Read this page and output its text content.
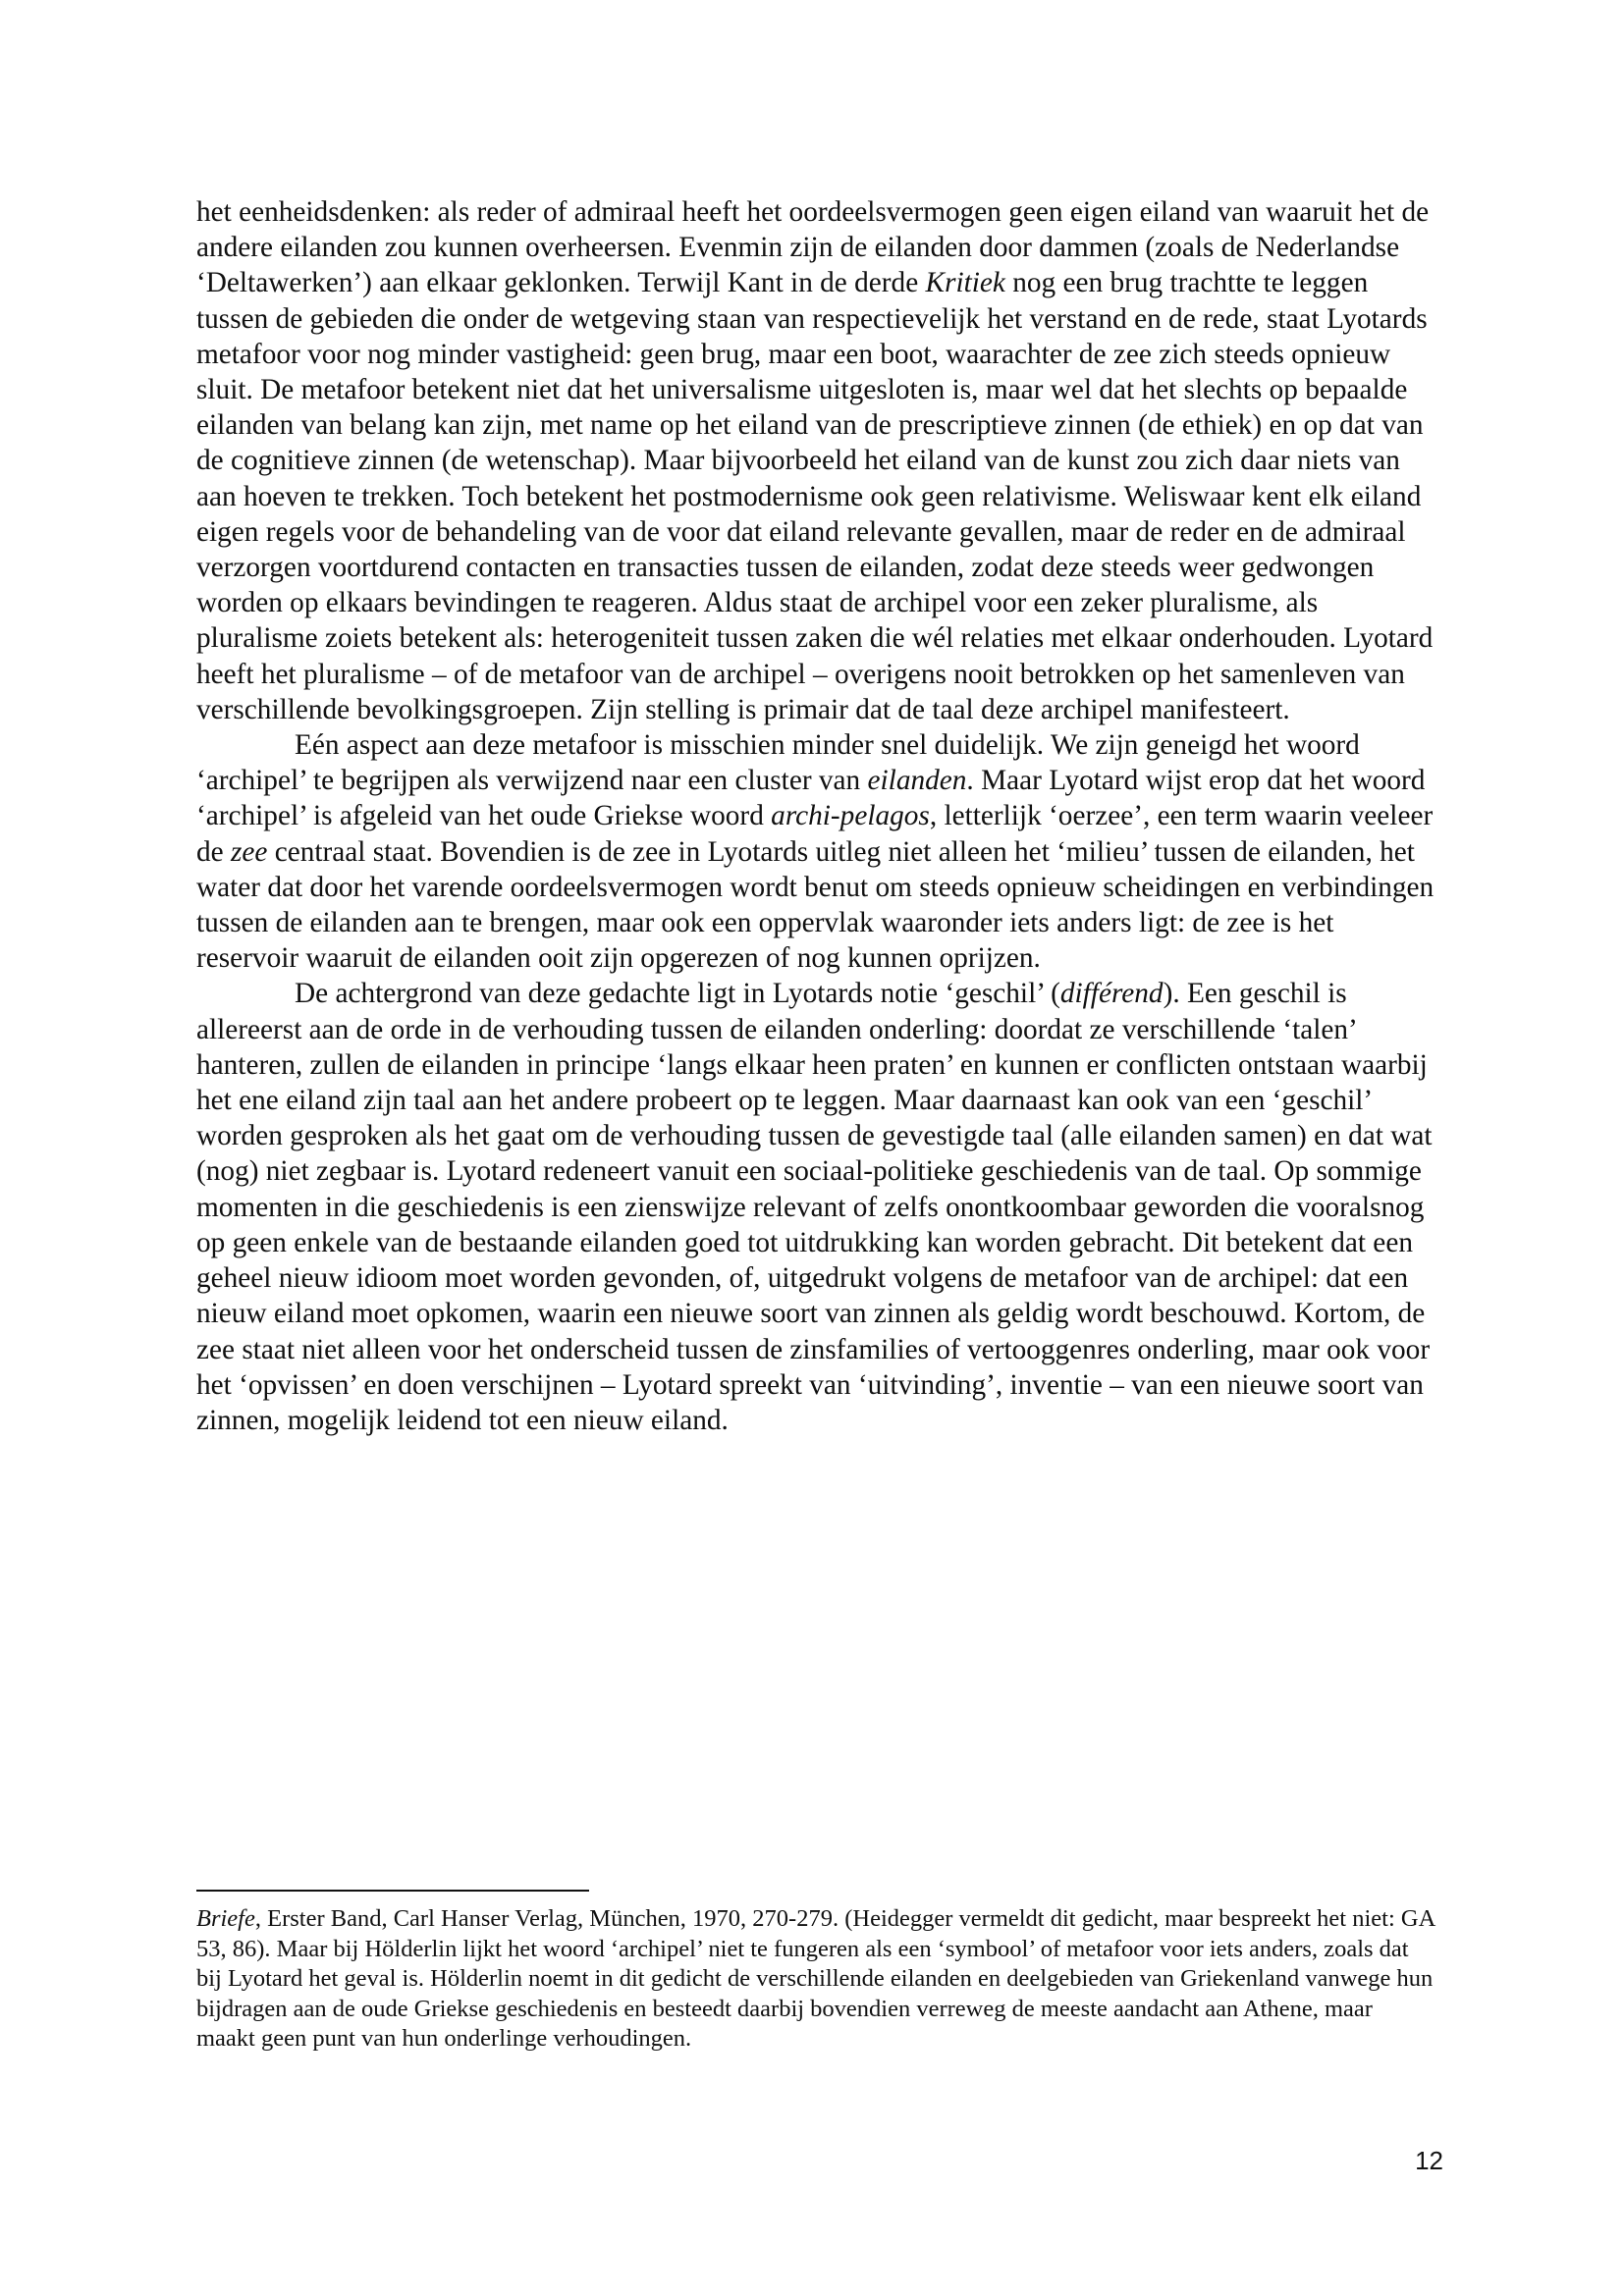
het eenheidsdenken: als reder of admiraal heeft het oordeelsvermogen geen eigen eiland van waaruit het de andere eilanden zou kunnen overheersen. Evenmin zijn de eilanden door dammen (zoals de Nederlandse ‘Deltawerken’) aan elkaar geklonken. Terwijl Kant in de derde Kritiek nog een brug trachtte te leggen tussen de gebieden die onder de wetgeving staan van respectievelijk het verstand en de rede, staat Lyotards metafoor voor nog minder vastigheid: geen brug, maar een boot, waarachter de zee zich steeds opnieuw sluit. De metafoor betekent niet dat het universalisme uitgesloten is, maar wel dat het slechts op bepaalde eilanden van belang kan zijn, met name op het eiland van de prescriptieve zinnen (de ethiek) en op dat van de cognitieve zinnen (de wetenschap). Maar bijvoorbeeld het eiland van de kunst zou zich daar niets van aan hoeven te trekken. Toch betekent het postmodernisme ook geen relativisme. Weliswaar kent elk eiland eigen regels voor de behandeling van de voor dat eiland relevante gevallen, maar de reder en de admiraal verzorgen voortdurend contacten en transacties tussen de eilanden, zodat deze steeds weer gedwongen worden op elkaars bevindingen te reageren. Aldus staat de archipel voor een zeker pluralisme, als pluralisme zoiets betekent als: heterogeniteit tussen zaken die wél relaties met elkaar onderhouden. Lyotard heeft het pluralisme – of de metafoor van de archipel – overigens nooit betrokken op het samenleven van verschillende bevolkingsgroepen. Zijn stelling is primair dat de taal deze archipel manifesteert.

Eén aspect aan deze metafoor is misschien minder snel duidelijk. We zijn geneigd het woord ‘archipel’ te begrijpen als verwijzend naar een cluster van eilanden. Maar Lyotard wijst erop dat het woord ‘archipel’ is afgeleid van het oude Griekse woord archi-pelagos, letterlijk ‘oerzee’, een term waarin veeleer de zee centraal staat. Bovendien is de zee in Lyotards uitleg niet alleen het ‘milieu’ tussen de eilanden, het water dat door het varende oordeelsvermogen wordt benut om steeds opnieuw scheidingen en verbindingen tussen de eilanden aan te brengen, maar ook een oppervlak waaronder iets anders ligt: de zee is het reservoir waaruit de eilanden ooit zijn opgerezen of nog kunnen oprijzen.

De achtergrond van deze gedachte ligt in Lyotards notie ‘geschil’ (différend). Een geschil is allereerst aan de orde in de verhouding tussen de eilanden onderling: doordat ze verschillende ‘talen’ hanteren, zullen de eilanden in principe ‘langs elkaar heen praten’ en kunnen er conflicten ontstaan waarbij het ene eiland zijn taal aan het andere probeert op te leggen. Maar daarnaast kan ook van een ‘geschil’ worden gesproken als het gaat om de verhouding tussen de gevestigde taal (alle eilanden samen) en dat wat (nog) niet zegbaar is. Lyotard redeneert vanuit een sociaal-politieke geschiedenis van de taal. Op sommige momenten in die geschiedenis is een zienswijze relevant of zelfs onontkoombaar geworden die vooralsnog op geen enkele van de bestaande eilanden goed tot uitdrukking kan worden gebracht. Dit betekent dat een geheel nieuw idioom moet worden gevonden, of, uitgedrukt volgens de metafoor van de archipel: dat een nieuw eiland moet opkomen, waarin een nieuwe soort van zinnen als geldig wordt beschouwd. Kortom, de zee staat niet alleen voor het onderscheid tussen de zinsfamilies of vertooggenres onderling, maar ook voor het ‘opvissen’ en doen verschijnen – Lyotard spreekt van ‘uitvinding’, inventie – van een nieuwe soort van zinnen, mogelijk leidend tot een nieuw eiland.

Briefe, Erster Band, Carl Hanser Verlag, München, 1970, 270-279. (Heidegger vermeldt dit gedicht, maar bespreekt het niet: GA 53, 86). Maar bij Hölderlin lijkt het woord ‘archipel’ niet te fungeren als een ‘symbool’ of metafoor voor iets anders, zoals dat bij Lyotard het geval is. Hölderlin noemt in dit gedicht de verschillende eilanden en deelgebieden van Griekenland vanwege hun bijdragen aan de oude Griekse geschiedenis en besteedt daarbij bovendien verreweg de meeste aandacht aan Athene, maar maakt geen punt van hun onderlinge verhoudingen.

12
